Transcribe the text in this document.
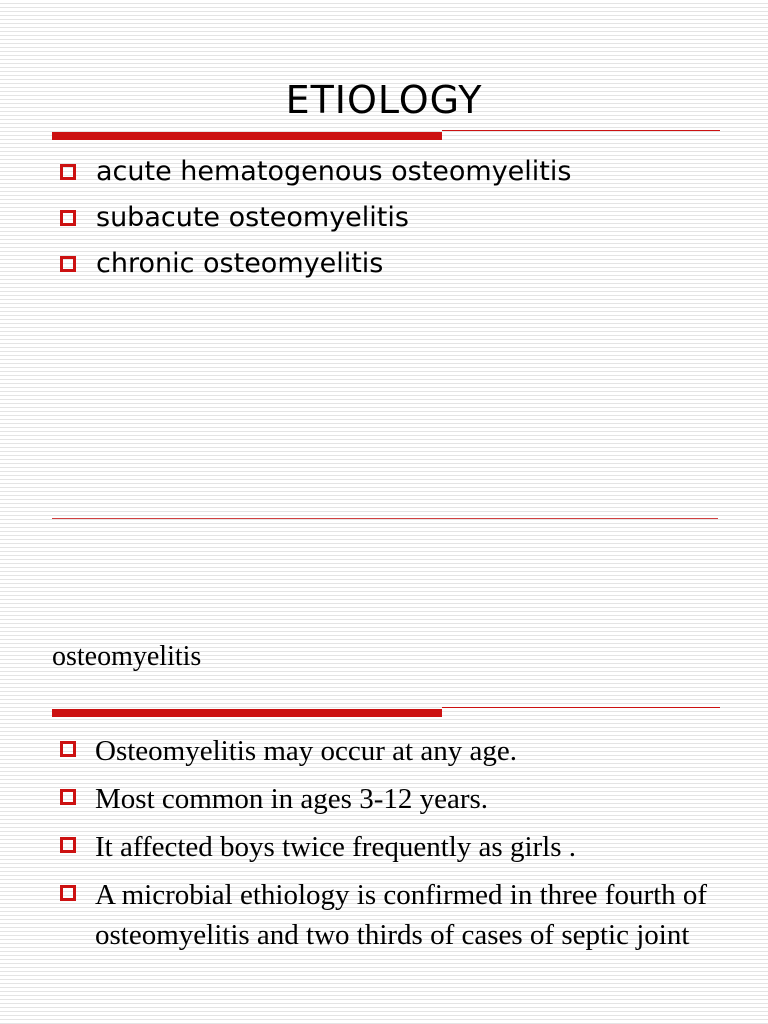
ETIOLOGY
acute hematogenous osteomyelitis
subacute osteomyelitis
chronic osteomyelitis
osteomyelitis
Osteomyelitis may occur at any age.
Most common in ages 3-12 years.
It affected boys twice frequently as girls .
A microbial ethiology is confirmed in three fourth of osteomyelitis and two thirds of cases of septic joint
